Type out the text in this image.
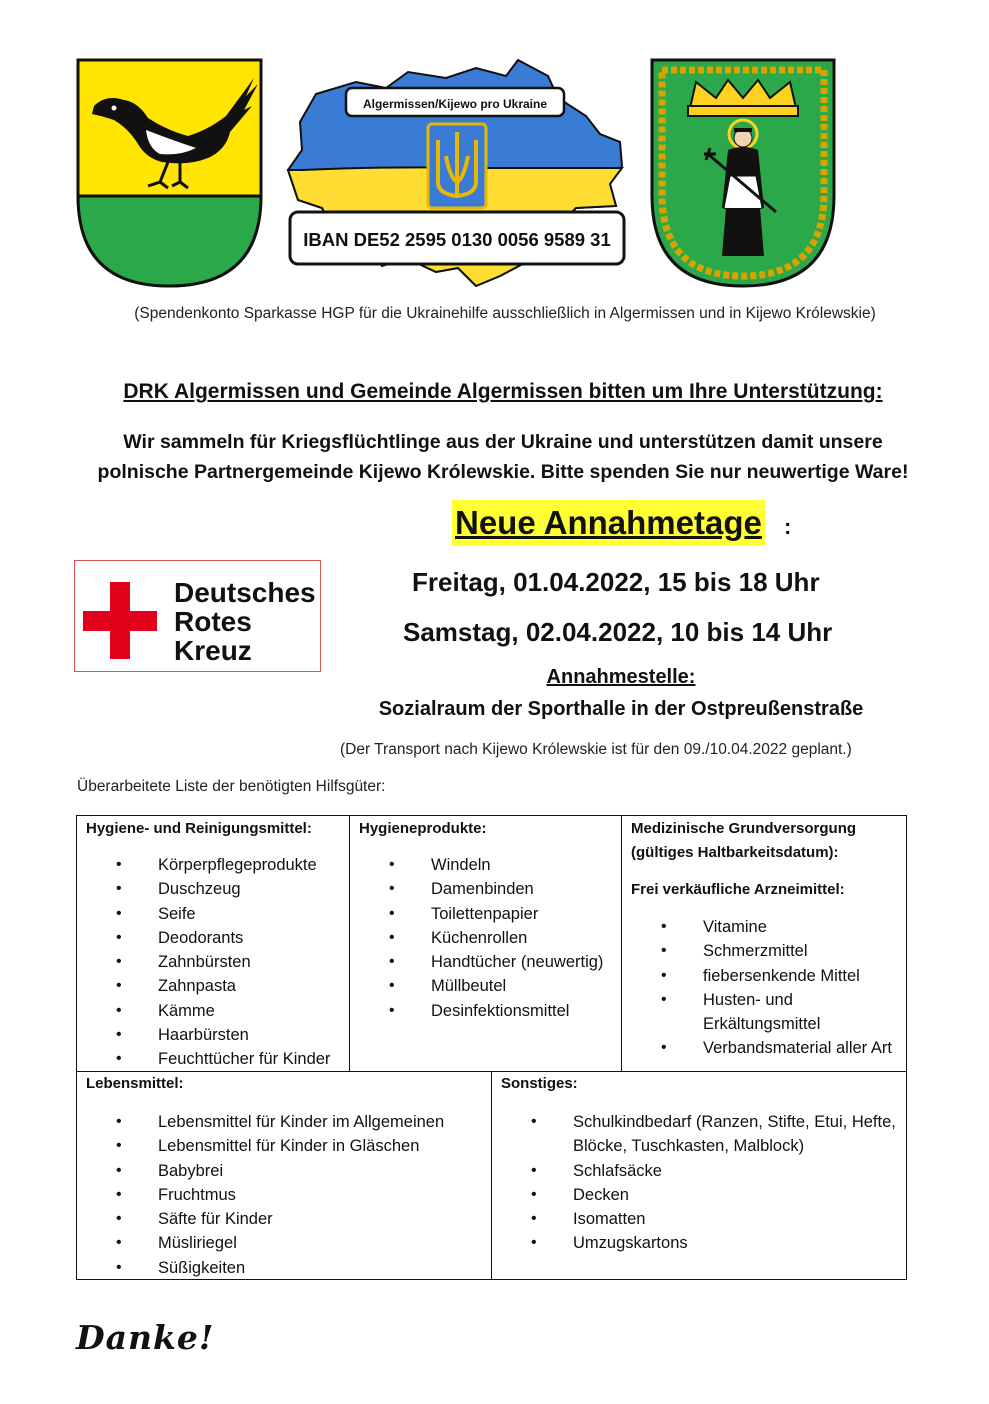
Algermissen/Kijewo pro Ukraine
IBAN DE52 2595 0130 0056 9589 31
(Spendenkonto Sparkasse HGP für die Ukrainehilfe ausschließlich in Algermissen und in Kijewo Królewskie)
DRK Algermissen und Gemeinde Algermissen bitten um Ihre Unterstützung:
Wir sammeln für Kriegsflüchtlinge aus der Ukraine und unterstützen damit unsere
polnische Partnergemeinde Kijewo Królewskie. Bitte spenden Sie nur neuwertige Ware!
Neue Annahmetage :
Deutsches
Rotes
Kreuz
Freitag, 01.04.2022, 15 bis 18 Uhr
Samstag, 02.04.2022, 10 bis 14 Uhr
Annahmestelle:
Sozialraum der Sporthalle in der Ostpreußenstraße
(Der Transport nach Kijewo Królewskie ist für den 09./10.04.2022 geplant.)
Überarbeitete Liste der benötigten Hilfsgüter:
Hygiene- und Reinigungsmittel:
• Körperpflegeprodukte
• Duschzeug
• Seife
• Deodorants
• Zahnbürsten
• Zahnpasta
• Kämme
• Haarbürsten
• Feuchttücher für Kinder
Hygieneprodukte:
• Windeln
• Damenbinden
• Toilettenpapier
• Küchenrollen
• Handtücher (neuwertig)
• Müllbeutel
• Desinfektionsmittel
Medizinische Grundversorgung
(gültiges Haltbarkeitsdatum):
Frei verkäufliche Arzneimittel:
• Vitamine
• Schmerzmittel
• fiebersenkende Mittel
• Husten- und Erkältungsmittel
• Verbandsmaterial aller Art
Lebensmittel:
• Lebensmittel für Kinder im Allgemeinen
• Lebensmittel für Kinder in Gläschen
• Babybrei
• Fruchtmus
• Säfte für Kinder
• Müsliriegel
• Süßigkeiten
Sonstiges:
• Schulkindbedarf (Ranzen, Stifte, Etui, Hefte, Blöcke, Tuschkasten, Malblock)
• Schlafsäcke
• Decken
• Isomatten
• Umzugskartons
Danke!
